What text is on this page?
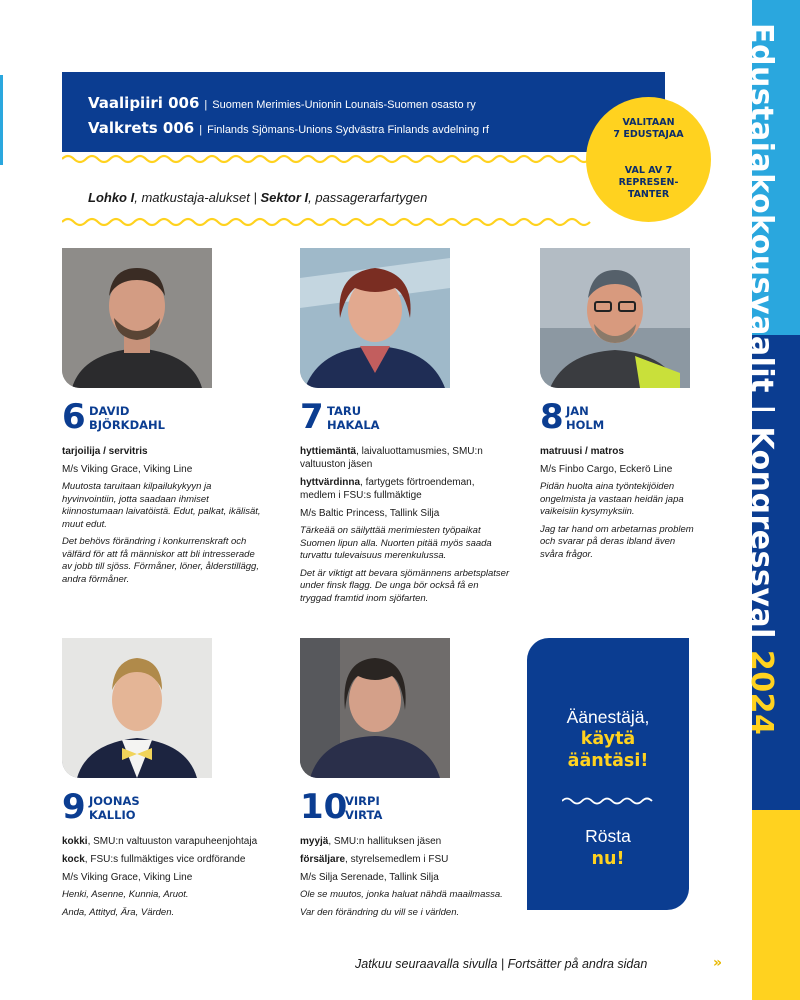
Edustajakokousvaalit | Kongressval 2024
Vaalipiiri 006 | Suomen Merimies-Unionin Lounais-Suomen osasto ry
Valkrets 006 | Finlands Sjömans-Unions Sydvästra Finlands avdelning rf
VALITAAN
7 EDUSTAJAA
VAL AV 7
REPRESEN-
TANTER
Lohko I, matkustaja-alukset | Sektor I, passagerarfartygen
6 DAVID
BJÖRKDAHL

tarjoilija / servitris

M/s Viking Grace, Viking Line

Muutosta taruitaan kilpailukykyyn ja hyvinvointiin, jotta saadaan ihmiset kiinnostumaan laivatöistä. Edut, palkat, ikälisät, muut edut.

Det behövs förändring i konkurrenskraft och välfärd för att få människor att bli intresserade av jobb till sjöss. Förmåner, löner, ålderstillägg, andra förmåner.

7 TARU
HAKALA

hyttiemäntä, laivaluottamusmies, SMU:n valtuuston jäsen

hyttvärdinna, fartygets förtroendeman, medlem i FSU:s fullmäktige

M/s Baltic Princess, Tallink Silja

Tärkeää on säilyttää merimiesten työpaikat Suomen lipun alla. Nuorten pitää myös saada turvattu tulevaisuus merenkulussa.

Det är viktigt att bevara sjömännens arbetsplatser under finsk flagg. De unga bör också få en tryggad framtid inom sjöfarten.

8 JAN
HOLM

matruusi / matros

M/s Finbo Cargo, Eckerö Line

Pidän huolta aina työntekijöiden ongelmista ja vastaan heidän japa vaikeisiin kysymyksiin.

Jag tar hand om arbetarnas problem och svarar på deras ibland även svåra frågor.

9 JOONAS
KALLIO

kokki, SMU:n valtuuston varapuheenjohtaja

kock, FSU:s fullmäktiges vice ordförande

M/s Viking Grace, Viking Line

Henki, Asenne, Kunnia, Aruot.

Anda, Attityd, Ära, Värden.

10
VIRPI
VIRTA

myyjä, SMU:n hallituksen jäsen

försäljare, styrelsemedlem i FSU

M/s Silja Serenade, Tallink Silja

Ole se muutos, jonka haluat nähdä maailmassa.

Var den förändring du vill se i världen.

Äänestäjä,
käytä
ääntäsi!
Rösta
nu!
Jatkuu seuraavalla sivulla | Fortsätter på andra sidan	»
